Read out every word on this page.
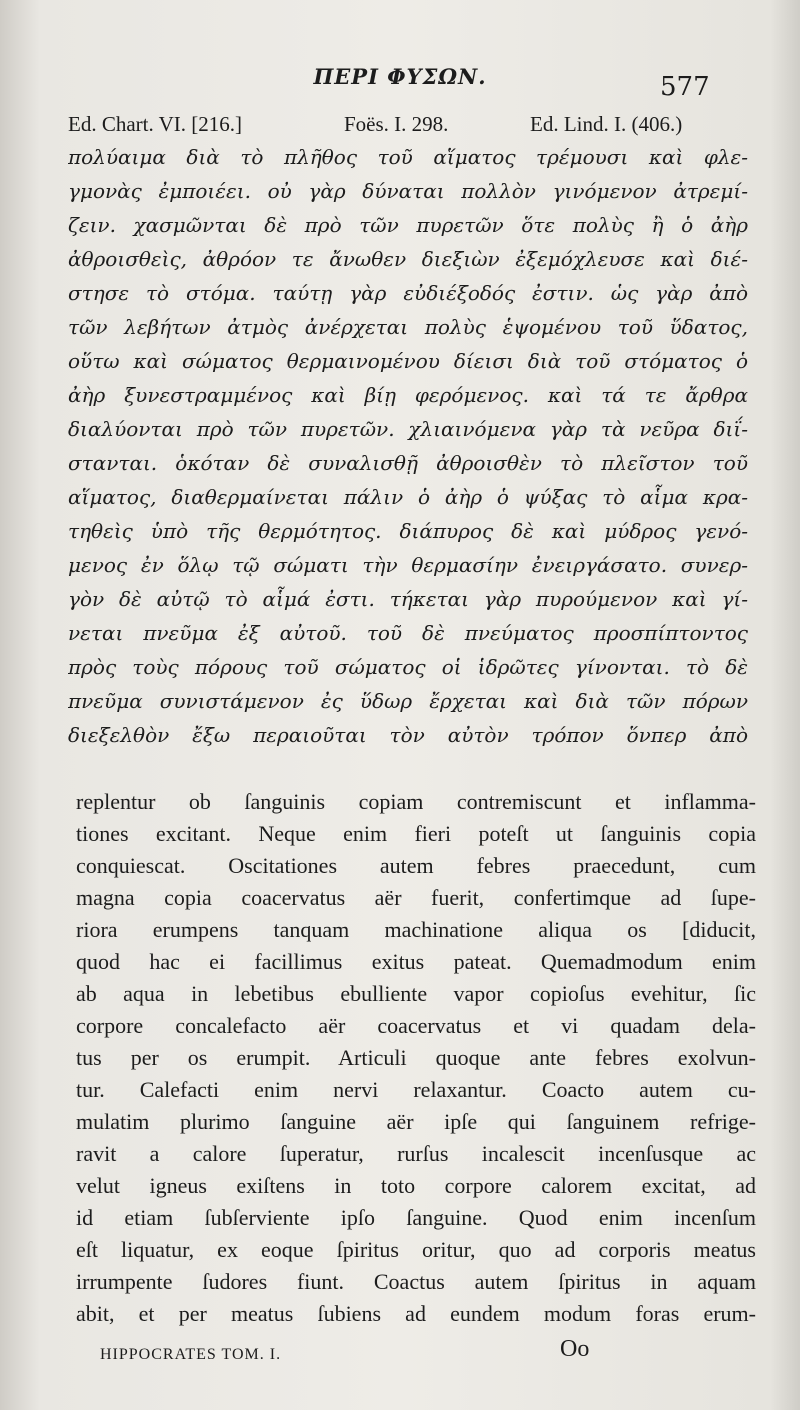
ΠΕΡΙ ΦΥΣΩΝ.	577
Ed. Chart. VI. [216.]	Foës. I. 298.	Ed. Lind. I. (406.)
πολύαιμα διὰ τὸ πλῆθος τοῦ αἵματος τρέμουσι καὶ φλε-
γμονὰς ἐμποιέει. οὐ γὰρ δύναται πολλὸν γινόμενον ἀτρεμί-
ζειν. χασμῶνται δὲ πρὸ τῶν πυρετῶν ὅτε πολὺς ἢ ὁ ἀὴρ
ἀθροισθεὶς, ἀθρόον τε ἄνωθεν διεξιὼν ἐξεμόχλευσε καὶ διέ-
στησε τὸ στόμα. ταύτῃ γὰρ εὐδιέξοδός ἐστιν. ὡς γὰρ ἀπὸ
τῶν λεβήτων ἀτμὸς ἀνέρχεται πολὺς ἑψομένου τοῦ ὕδατος,
οὕτω καὶ σώματος θερμαινομένου δίεισι διὰ τοῦ στόματος ὁ
ἀὴρ ξυνεστραμμένος καὶ βίῃ φερόμενος. καὶ τά τε ἄρθρα
διαλύονται πρὸ τῶν πυρετῶν. χλιαινόμενα γὰρ τὰ νεῦρα διΐ-
στανται. ὁκόταν δὲ συναλισθῇ ἀθροισθὲν τὸ πλεῖστον τοῦ
αἵματος, διαθερμαίνεται πάλιν ὁ ἀὴρ ὁ ψύξας τὸ αἷμα κρα-
τηθεὶς ὑπὸ τῆς θερμότητος. διάπυρος δὲ καὶ μύδρος γενό-
μενος ἐν ὅλῳ τῷ σώματι τὴν θερμασίην ἐνειργάσατο. συνερ-
γὸν δὲ αὐτῷ τὸ αἷμά ἐστι. τήκεται γὰρ πυρούμενον καὶ γί-
νεται πνεῦμα ἐξ αὐτοῦ. τοῦ δὲ πνεύματος προσπίπτοντος
πρὸς τοὺς πόρους τοῦ σώματος οἱ ἱδρῶτες γίνονται. τὸ δὲ
πνεῦμα συνιστάμενον ἐς ὕδωρ ἔρχεται καὶ διὰ τῶν πόρων
διεξελθὸν ἔξω περαιοῦται τὸν αὐτὸν τρόπον ὅνπερ ἀπὸ
replentur ob ſanguinis copiam contremiscunt et inflamma-
tiones excitant. Neque enim fieri poteſt ut ſanguinis copia
conquiescat. Oscitationes autem febres praecedunt, cum
magna copia coacervatus aër fuerit, confertimque ad ſupe-
riora erumpens tanquam machinatione aliqua os [diducit,
quod hac ei facillimus exitus pateat. Quemadmodum enim
ab aqua in lebetibus ebulliente vapor copioſus evehitur, ſic
corpore concalefacto aër coacervatus et vi quadam dela-
tus per os erumpit. Articuli quoque ante febres exolvun-
tur. Calefacti enim nervi relaxantur. Coacto autem cu-
mulatim plurimo ſanguine aër ipſe qui ſanguinem refrige-
ravit a calore ſuperatur, rurſus incalescit incenſusque ac
velut igneus exiſtens in toto corpore calorem excitat, ad
id etiam ſubſerviente ipſo ſanguine. Quod enim incenſum
eſt liquatur, ex eoque ſpiritus oritur, quo ad corporis meatus
irrumpente ſudores fiunt. Coactus autem ſpiritus in aquam
abit, et per meatus ſubiens ad eundem modum foras erum-
HIPPOCRATES TOM. I.	Oo
